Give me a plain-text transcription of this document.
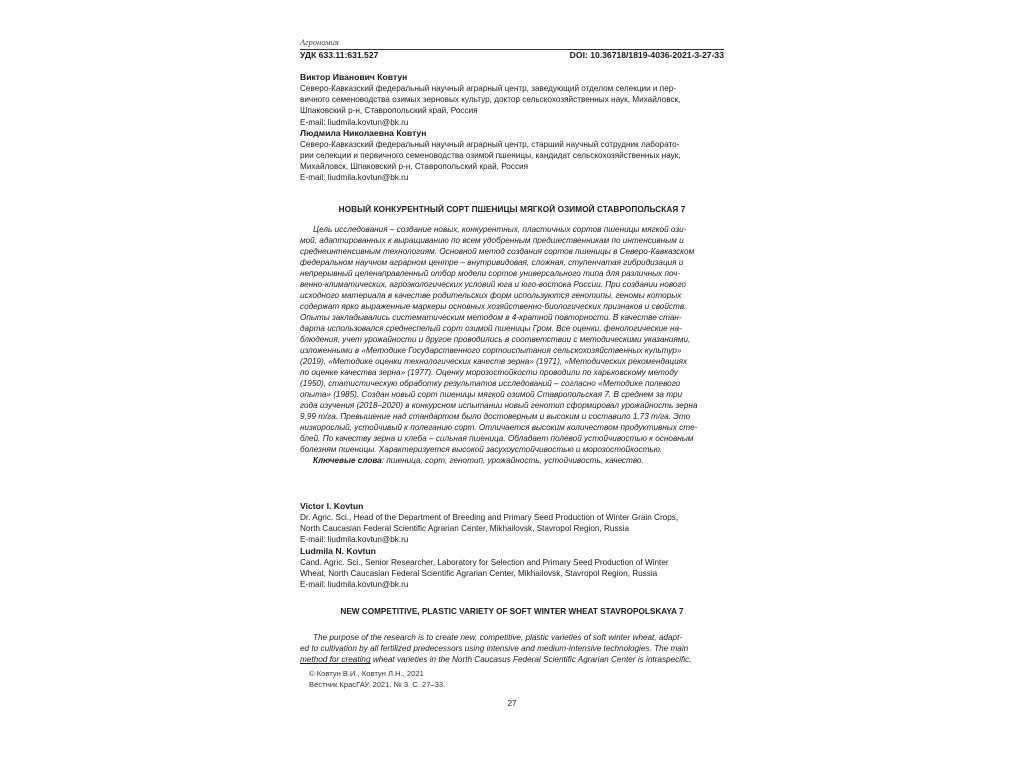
Агрономия
УДК 633.11:631.527	DOI: 10.36718/1819-4036-2021-3-27-33
Виктор Иванович Ковтун
Северо-Кавказский федеральный научный аграрный центр, заведующий отделом селекции и пер-
вичного семеноводства озимых зерновых культур, доктор сельскохозяйственных наук, Михайловск,
Шпаковский р-н, Ставропольский край, Россия
E-mail: liudmila.kovtun@bk.ru
Людмила Николаевна Ковтун
Северо-Кавказский федеральный научный аграрный центр, старший научный сотрудник лаборато-
рии селекции и первичного семеноводства озимой пшеницы, кандидат сельскохозяйственных наук,
Михайловск, Шпаковский р-н, Ставропольский край, Россия
E-mail: liudmila.kovtun@bk.ru
НОВЫЙ КОНКУРЕНТНЫЙ СОРТ ПШЕНИЦЫ МЯГКОЙ ОЗИМОЙ СТАВРОПОЛЬСКАЯ 7
Цель исследования – создание новых, конкурентных, пластичных сортов пшеницы мягкой ози-
мой, адаптированных к выращиванию по всем удобренным предшественникам по интенсивным и
среднеинтенсивным технологиям. Основной метод создания сортов пшеницы в Северо-Кавказском
федеральном научном аграрном центре – внутривидовая, сложная, ступенчатая гибридизация и
непрерывный целенаправленный отбор модели сортов универсального типа для различных поч-
венно-климатических, агроэкологических условий юга и юго-востока России. При создании нового
исходного материала в качестве родительских форм используются генотипы, геномы которых
содержат ярко выраженные маркеры основных хозяйственно-биологических признаков и свойств.
Опыты закладывались систематическим методом в 4-кратной повторности. В качестве стан-
дарта использовался среднеспелый сорт озимой пшеницы Гром. Все оценки, фенологические на-
блюдения, учет урожайности и другое проводились в соответствии с методическими указаниями,
изложенными в «Методике Государственного сортоиспытания сельскохозяйственных культур»
(2019), «Методике оценки технологических качеств зерна» (1971), «Методических рекомендациях
по оценке качества зерна» (1977). Оценку морозостойкости проводили по харьковскому методу
(1950), статистическую обработку результатов исследований – согласно «Методике полевого
опыта» (1985). Создан новый сорт пшеницы мягкой озимой Ставропольская 7. В среднем за три
года изучения (2018–2020) в конкурсном испытании новый генотип сформировал урожайность зерна
9,99 т/га. Превышение над стандартом было достоверным и высоким и составило 1,73 т/га. Это
низкорослый, устойчивый к полеганию сорт. Отличается высоким количеством продуктивных сте-
блей. По качеству зерна и хлеба – сильная пшеница. Обладает полевой устойчивостью к основным
болезням пшеницы. Характеризуется высокой засухоустойчивостью и морозостойкостью.
Ключевые слова: пшеница, сорт, генотип, урожайность, устойчивость, качество.
Victor I. Kovtun
Dr. Agric. Sci., Head of the Department of Breeding and Primary Seed Production of Winter Grain Crops,
North Caucasian Federal Scientific Agrarian Center, Mikhailovsk, Stavropol Region, Russia
E-mail: liudmila.kovtun@bk.ru
Ludmila N. Kovtun
Cand. Agric. Sci., Senior Researcher, Laboratory for Selection and Primary Seed Production of Winter
Wheat, North Caucasian Federal Scientific Agrarian Center, Mikhailovsk, Stavropol Region, Russia
E-mail: liudmila.kovtun@bk.ru
NEW COMPETITIVE, PLASTIC VARIETY OF SOFT WINTER WHEAT STAVROPOLSKAYA 7
The purpose of the research is to create new, competitive, plastic varieties of soft winter wheat, adapt-
ed to cultivation by all fertilized predecessors using intensive and medium-intensive technologies. The main
method for creating wheat varieties in the North Caucasus Federal Scientific Agrarian Center is intraspecific,
© Ковтун В.И., Ковтун Л.Н., 2021
Вестник КрасГАУ. 2021. № 3. С. 27–33.
27
